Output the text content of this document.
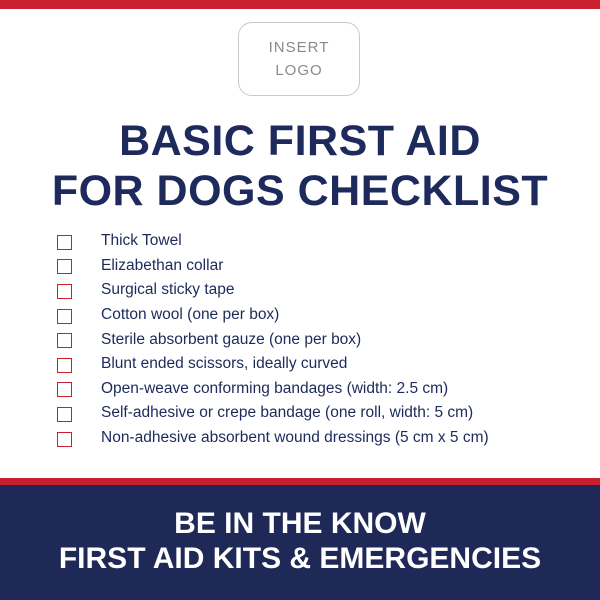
INSERT
LOGO
BASIC FIRST AID
FOR DOGS CHECKLIST
Thick Towel
Elizabethan collar
Surgical sticky tape
Cotton wool (one per box)
Sterile absorbent gauze (one per box)
Blunt ended scissors, ideally curved
Open-weave conforming bandages (width: 2.5 cm)
Self-adhesive or crepe bandage (one roll, width: 5 cm)
Non-adhesive absorbent wound dressings (5 cm x 5 cm)
BE IN THE KNOW
FIRST AID KITS & EMERGENCIES
